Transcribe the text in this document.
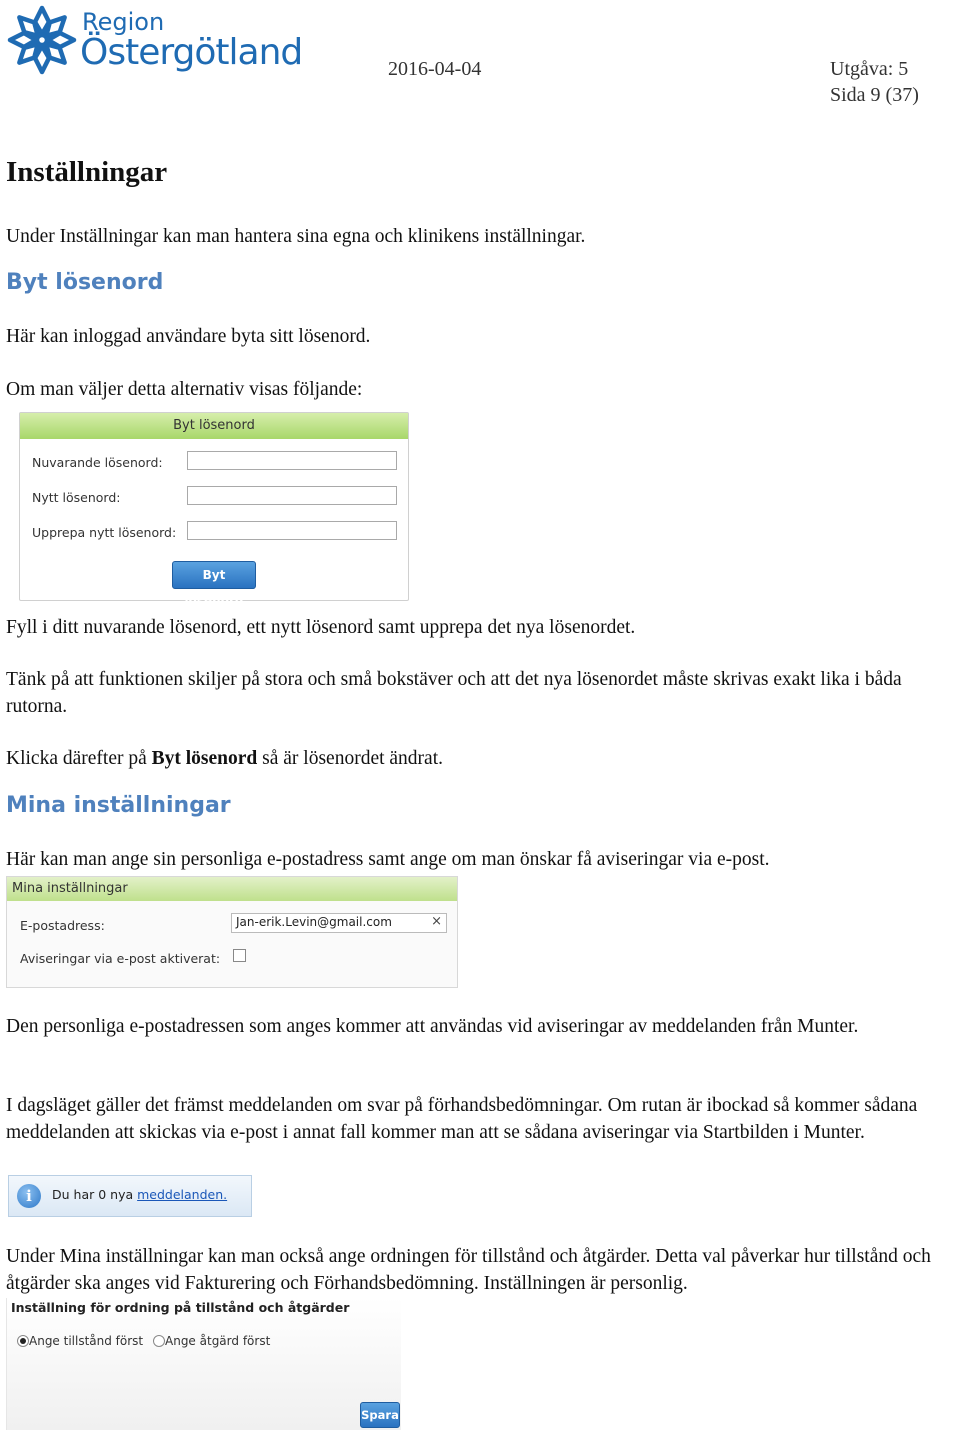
Region
Östergötland	2016-04-04	Utgåva: 5
Sida 9 (37)
Inställningar

Under Inställningar kan man hantera sina egna och klinikens inställningar.

Byt lösenord

Här kan inloggad användare byta sitt lösenord.

Om man väljer detta alternativ visas följande:

Byt lösenord
Nuvarande lösenord:
Nytt lösenord:
Upprepa nytt lösenord:
Byt lösenord

Fyll i ditt nuvarande lösenord, ett nytt lösenord samt upprepa det nya lösenordet.

Tänk på att funktionen skiljer på stora och små bokstäver och att det nya lösenordet måste skrivas exakt lika i båda rutorna.

Klicka därefter på Byt lösenord så är lösenordet ändrat.

Mina inställningar

Här kan man ange sin personliga e-postadress samt ange om man önskar få aviseringar via e-post.

Mina inställningar
E-postadress:	Jan-erik.Levin@gmail.com	×
Aviseringar via e-post aktiverat:

Den personliga e-postadressen som anges kommer att användas vid aviseringar av meddelanden från Munter.

I dagsläget gäller det främst meddelanden om svar på förhandsbedömningar. Om rutan är ibockad så kommer sådana meddelanden att skickas via e-post i annat fall kommer man att se sådana aviseringar via Startbilden i Munter.

i	Du har 0 nya meddelanden.

Under Mina inställningar kan man också ange ordningen för tillstånd och åtgärder. Detta val påverkar hur tillstånd och åtgärder ska anges vid Fakturering och Förhandsbedömning. Inställningen är personlig.

Inställning för ordning på tillstånd och åtgärder
Ange tillstånd först Ange åtgärd först
Spara
